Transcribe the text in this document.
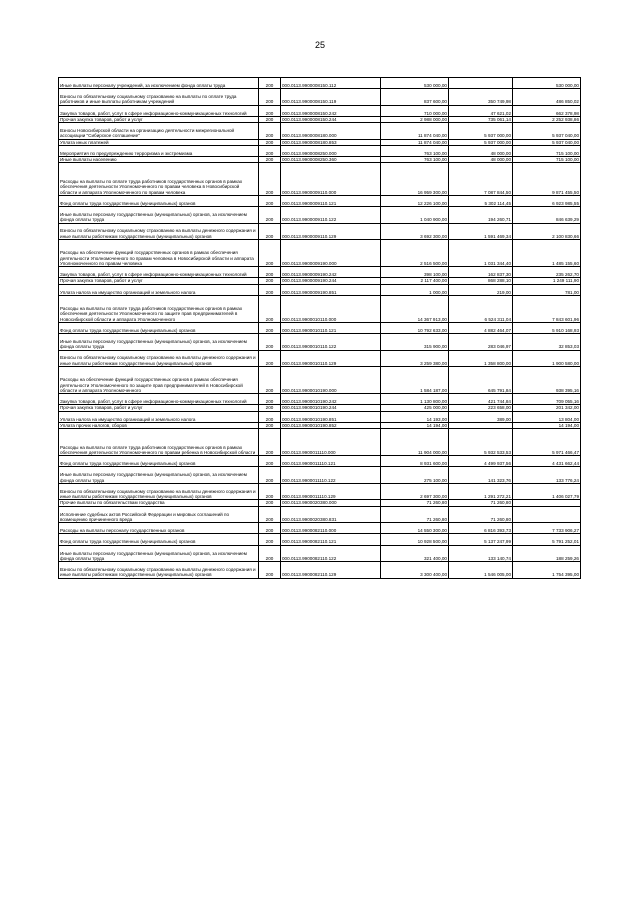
25
Иные выплаты персоналу учреждений, за исключением фонда оплаты труда	200	000.0113.9900008150.112	530 000,00		530 000,00
Взносы по обязательному социальному страхованию на выплаты по оплате труда работников и иные выплаты работникам учреждений	200	000.0113.9900008150.119	837 600,00	350 749,98	486 850,02
Закупка товаров, работ, услуг в сфере информационно-коммуникационных технологий	200	000.0113.9900008150.242	710 000,00	47 621,02	662 378,98
Прочая закупка товаров, работ и услуг	200	000.0113.9900008150.244	2 988 000,00	735 061,14	2 252 938,86
Взносы Новосибирской области на организацию деятельности межрегиональной ассоциации "Сибирское соглашение"	200	000.0113.9900008180.000	11 874 040,00	5 937 000,00	5 937 040,00
Уплата иных платежей	200	000.0113.9900008180.853	11 874 040,00	5 937 000,00	5 937 040,00
Мероприятия по предупреждению терроризма и экстремизма	200	000.0113.9900008250.000	763 100,00	48 000,00	715 100,00
Иные выплаты населению	200	000.0113.9900008250.360	763 100,00	48 000,00	715 100,00
Расходы на выплаты по оплате труда работников государственных органов в рамках обеспечения деятельности Уполномоченного по правам человека в Новосибирской области и аппарата Уполномоченного по правам человека	200	000.0113.9900009110.000	16 959 300,00	7 087 844,50	9 871 455,50
Фонд оплаты труда государственных (муниципальных) органов	200	000.0113.9900009110.121	12 226 100,00	5 302 114,45	6 923 985,55
Иные выплаты персоналу государственных (муниципальных) органов, за исключением фонда оплаты труда	200	000.0113.9900009110.122	1 040 900,00	194 260,71	846 639,29
Взносы по обязательному социальному страхованию на выплаты денежного содержания и иные выплаты работникам государственных (муниципальных) органов	200	000.0113.9900009110.129	3 692 300,00	1 591 469,34	2 100 830,66
Расходы на обеспечение функций государственных органов в рамках обеспечения деятельности Уполномоченного по правам человека в Новосибирской области и аппарата Уполномоченного по правам человека	200	000.0113.9900009190.000	2 516 500,00	1 031 344,40	1 485 155,60
Закупка товаров, работ, услуг в сфере информационно-коммуникационных технологий	200	000.0113.9900009190.242	398 100,00	162 837,30	235 262,70
Прочая закупка товаров, работ и услуг	200	000.0113.9900009190.244	2 117 400,00	868 288,10	1 249 111,90
Уплата налога на имущество организаций и земельного налога	200	000.0113.9900009190.851	1 000,00	219,00	781,00
Расходы на выплаты по оплате труда работников государственных органов в рамках обеспечения деятельности Уполномоченного по защите прав предпринимателей в Новосибирской области и аппарата Уполномоченного	200	000.0113.9900010110.000	14 367 913,00	6 524 311,04	7 843 601,96
Фонд оплаты труда государственных (муниципальных) органов	200	000.0113.9900010110.121	10 792 633,00	4 882 464,07	5 910 168,93
Иные выплаты персоналу государственных (муниципальных) органов, за исключением фонда оплаты труда	200	000.0113.9900010110.122	315 900,00	283 046,97	32 853,03
Взносы по обязательному социальному страхованию на выплаты денежного содержания и иные выплаты работникам государственных (муниципальных) органов	200	000.0113.9900010110.129	3 259 380,00	1 358 800,00	1 900 580,00
Расходы на обеспечение функций государственных органов в рамках обеспечения деятельности Уполномоченного по защите прав предпринимателей в Новосибирской области и аппарата Уполномоченного	200	000.0113.9900010190.000	1 584 187,00	645 791,84	938 395,16
Закупка товаров, работ, услуг в сфере информационно-коммуникационных технологий	200	000.0113.9900010190.242	1 130 800,00	421 744,84	709 055,16
Прочая закупка товаров, работ и услуг	200	000.0113.9900010190.244	425 000,00	223 658,00	201 342,00
Уплата налога на имущество организаций и земельного налога	200	000.0113.9900010190.851	14 193,00	389,00	13 804,00
Уплата прочих налогов, сборов	200	000.0113.9900010190.852	14 194,00		14 194,00
Расходы на выплаты по оплате труда работников государственных органов в рамках обеспечения деятельности Уполномоченного по правам ребенка в Новосибирской области	200	000.0113.9900011110.000	11 904 000,00	5 932 533,53	5 971 466,47
Фонд оплаты труда государственных (муниципальных) органов	200	000.0113.9900011110.121	8 931 600,00	4 499 937,56	4 431 662,44
Иные выплаты персоналу государственных (муниципальных) органов, за исключением фонда оплаты труда	200	000.0113.9900011110.122	275 100,00	141 323,76	133 776,24
Взносы по обязательному социальному страхованию на выплаты денежного содержания и иные выплаты работникам государственных (муниципальных) органов	200	000.0113.9900011110.129	2 697 300,00	1 291 272,21	1 406 027,79
Прочие выплаты по обязательствам государства	200	000.0113.9900020380.000	71 260,80	71 260,80	
Исполнение судебных актов Российской Федерации и мировых соглашений по возмещению причиненного вреда	200	000.0113.9900020380.831	71 260,80	71 260,80	
Расходы на выплаты персоналу государственных органов	200	000.0113.9900082110.000	14 550 300,00	6 816 393,73	7 733 906,27
Фонд оплаты труда государственных (муниципальных) органов	200	000.0113.9900082110.121	10 928 500,00	5 137 247,99	5 791 252,01
Иные выплаты персоналу государственных (муниципальных) органов, за исключением фонда оплаты труда	200	000.0113.9900082110.122	321 400,00	133 140,74	188 259,26
Взносы по обязательному социальному страхованию на выплаты денежного содержания и иные выплаты работникам государственных (муниципальных) органов	200	000.0113.9900082110.129	3 300 400,00	1 546 005,00	1 754 395,00
